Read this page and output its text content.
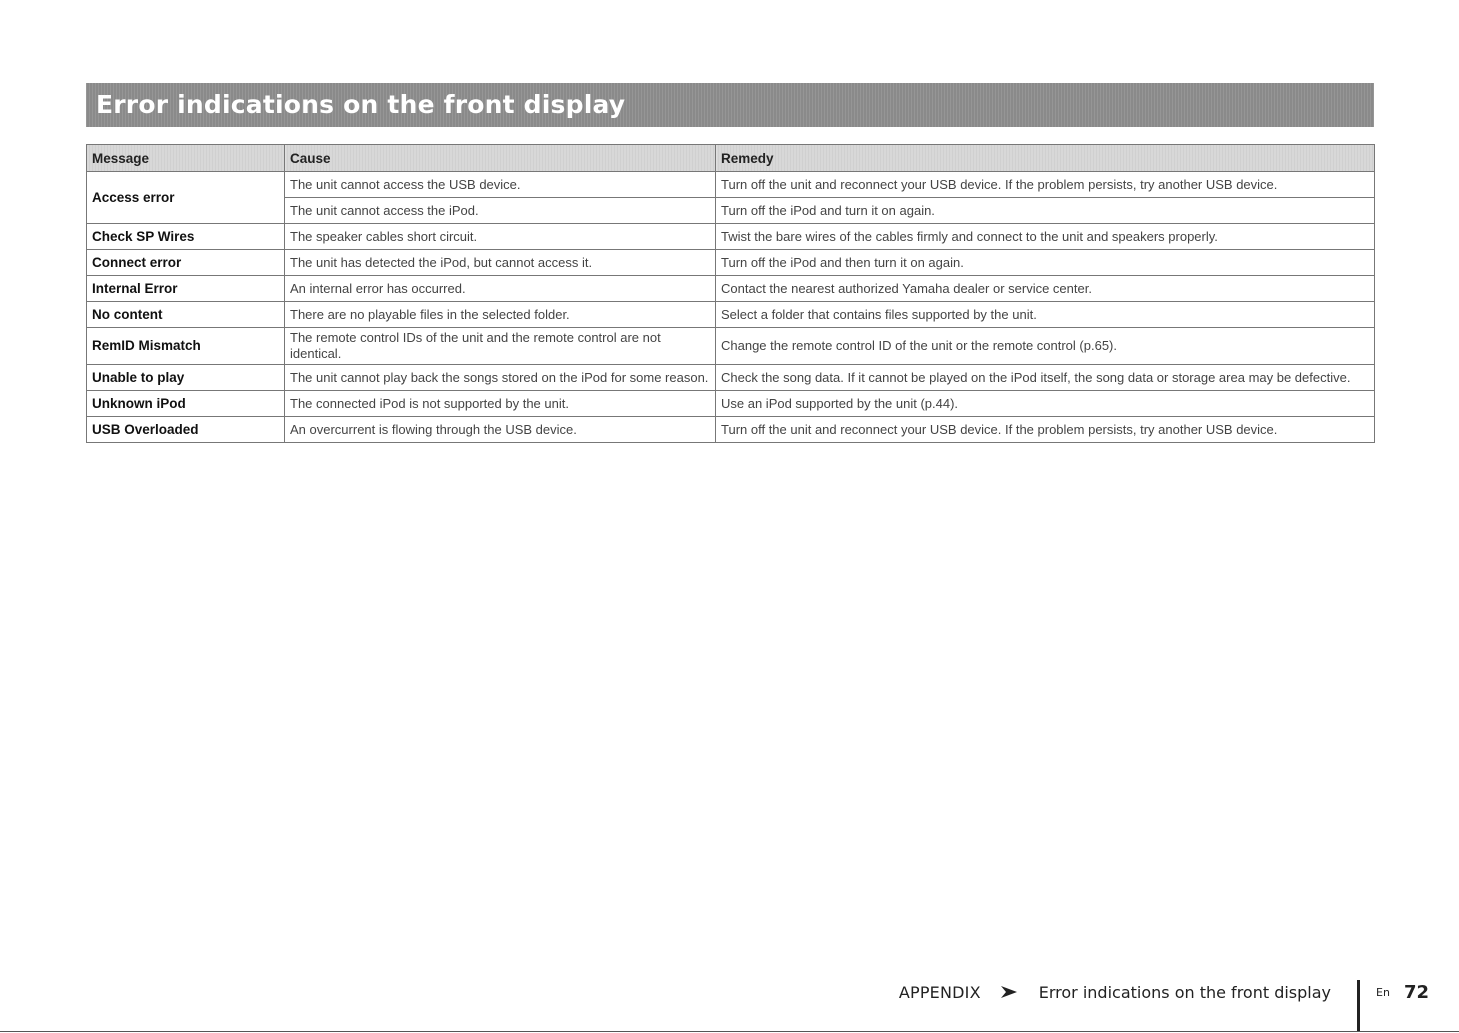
Error indications on the front display
Message	Cause	Remedy
Access error	The unit cannot access the USB device.	Turn off the unit and reconnect your USB device. If the problem persists, try another USB device.
	The unit cannot access the iPod.	Turn off the iPod and turn it on again.
Check SP Wires	The speaker cables short circuit.	Twist the bare wires of the cables firmly and connect to the unit and speakers properly.
Connect error	The unit has detected the iPod, but cannot access it.	Turn off the iPod and then turn it on again.
Internal Error	An internal error has occurred.	Contact the nearest authorized Yamaha dealer or service center.
No content	There are no playable files in the selected folder.	Select a folder that contains files supported by the unit.
RemID Mismatch	The remote control IDs of the unit and the remote control are not identical.	Change the remote control ID of the unit or the remote control (p.65).
Unable to play	The unit cannot play back the songs stored on the iPod for some reason.	Check the song data. If it cannot be played on the iPod itself, the song data or storage area may be defective.
Unknown iPod	The connected iPod is not supported by the unit.	Use an iPod supported by the unit (p.44).
USB Overloaded	An overcurrent is flowing through the USB device.	Turn off the unit and reconnect your USB device. If the problem persists, try another USB device.
APPENDIX	Error indications on the front display	En 72
